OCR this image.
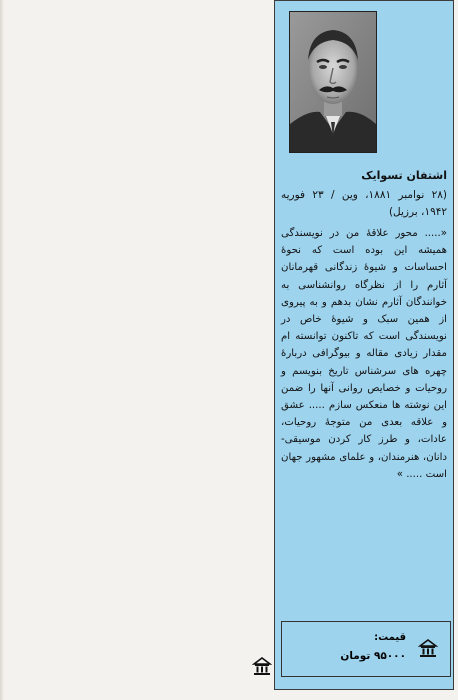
اشتفان تسوایک
(۲۸ نوامبر ۱۸۸۱، وین / ۲۳ فوریه ۱۹۴۲، برزیل)
«..... محور علاقهٔ من در نویسندگی همیشه این بوده است که نحوهٔ احساسات و شیوهٔ زندگانی قهرمانان آثارم را از نظرگاه روانشناسی به خوانندگان آثارم نشان بدهم و به پیروی از همین سبک و شیوهٔ خاص در نویسندگی است که تاکنون توانسته ام مقدار زیادی مقاله و بیوگرافی دربارهٔ چهره های سرشناس تاریخ بنویسم و روحیات و خصایص روانی آنها را ضمن این نوشته ها منعکس سازم ..... عشق و علاقه بعدی من متوجهٔ روحیات، عادات، و طرز کار کردن موسیقی- دانان، هنرمندان، و علمای مشهور جهان است ..... »
قیمت:
۹۵۰۰۰ تومان
